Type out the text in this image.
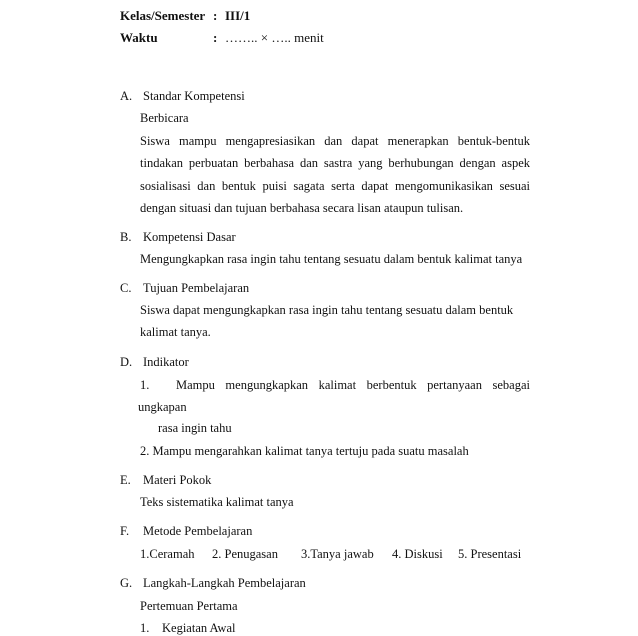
Kelas/Semester : III/1
Waktu	: …….. × ….. menit
A. Standar Kompetensi
Berbicara
Siswa mampu mengapresiasikan dan dapat menerapkan bentuk-bentuk
tindakan perbuatan berbahasa dan sastra yang berhubungan dengan aspek
sosialisasi dan bentuk puisi sagata serta dapat mengomunikasikan sesuai
dengan situasi dan tujuan berbahasa secara lisan ataupun tulisan.
B. Kompetensi Dasar
Mengungkapkan rasa ingin tahu tentang sesuatu dalam bentuk kalimat tanya
C. Tujuan Pembelajaran
Siswa dapat mengungkapkan rasa ingin tahu tentang sesuatu dalam bentuk
kalimat tanya.
D. Indikator
1. Mampu mengungkapkan kalimat berbentuk pertanyaan sebagai
ungkapan
rasa ingin tahu
2. Mampu mengarahkan kalimat tanya tertuju pada suatu masalah
E. Materi Pokok
Teks sistematika kalimat tanya
F. Metode Pembelajaran
1.Ceramah 2. Penugasan 3.Tanya jawab 4. Diskusi 5. Presentasi
G. Langkah-Langkah Pembelajaran
Pertemuan Pertama
1. Kegiatan Awal
